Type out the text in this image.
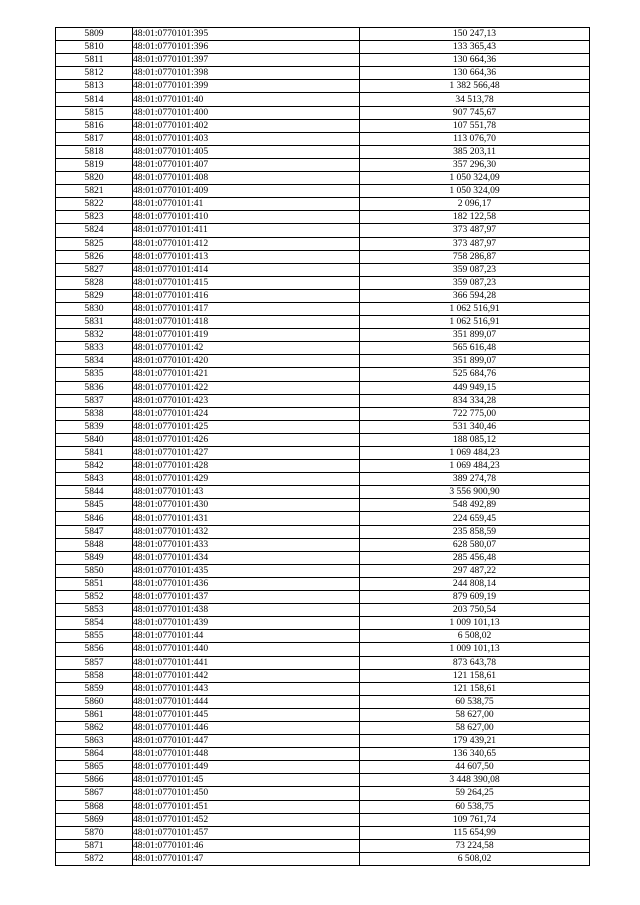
5809	48:01:0770101:395	150 247,13
5810	48:01:0770101:396	133 365,43
5811	48:01:0770101:397	130 664,36
5812	48:01:0770101:398	130 664,36
5813	48:01:0770101:399	1 382 566,48
5814	48:01:0770101:40	34 513,78
5815	48:01:0770101:400	907 745,67
5816	48:01:0770101:402	107 551,78
5817	48:01:0770101:403	113 076,70
5818	48:01:0770101:405	385 203,11
5819	48:01:0770101:407	357 296,30
5820	48:01:0770101:408	1 050 324,09
5821	48:01:0770101:409	1 050 324,09
5822	48:01:0770101:41	2 096,17
5823	48:01:0770101:410	182 122,58
5824	48:01:0770101:411	373 487,97
5825	48:01:0770101:412	373 487,97
5826	48:01:0770101:413	758 286,87
5827	48:01:0770101:414	359 087,23
5828	48:01:0770101:415	359 087,23
5829	48:01:0770101:416	366 594,28
5830	48:01:0770101:417	1 062 516,91
5831	48:01:0770101:418	1 062 516,91
5832	48:01:0770101:419	351 899,07
5833	48:01:0770101:42	565 616,48
5834	48:01:0770101:420	351 899,07
5835	48:01:0770101:421	525 684,76
5836	48:01:0770101:422	449 949,15
5837	48:01:0770101:423	834 334,28
5838	48:01:0770101:424	722 775,00
5839	48:01:0770101:425	531 340,46
5840	48:01:0770101:426	188 085,12
5841	48:01:0770101:427	1 069 484,23
5842	48:01:0770101:428	1 069 484,23
5843	48:01:0770101:429	389 274,78
5844	48:01:0770101:43	3 556 900,90
5845	48:01:0770101:430	548 492,89
5846	48:01:0770101:431	224 659,45
5847	48:01:0770101:432	235 858,59
5848	48:01:0770101:433	628 580,07
5849	48:01:0770101:434	285 456,48
5850	48:01:0770101:435	297 487,22
5851	48:01:0770101:436	244 808,14
5852	48:01:0770101:437	879 609,19
5853	48:01:0770101:438	203 750,54
5854	48:01:0770101:439	1 009 101,13
5855	48:01:0770101:44	6 508,02
5856	48:01:0770101:440	1 009 101,13
5857	48:01:0770101:441	873 643,78
5858	48:01:0770101:442	121 158,61
5859	48:01:0770101:443	121 158,61
5860	48:01:0770101:444	60 538,75
5861	48:01:0770101:445	58 627,00
5862	48:01:0770101:446	58 627,00
5863	48:01:0770101:447	179 439,21
5864	48:01:0770101:448	136 340,65
5865	48:01:0770101:449	44 607,50
5866	48:01:0770101:45	3 448 390,08
5867	48:01:0770101:450	59 264,25
5868	48:01:0770101:451	60 538,75
5869	48:01:0770101:452	109 761,74
5870	48:01:0770101:457	115 654,99
5871	48:01:0770101:46	73 224,58
5872	48:01:0770101:47	6 508,02
